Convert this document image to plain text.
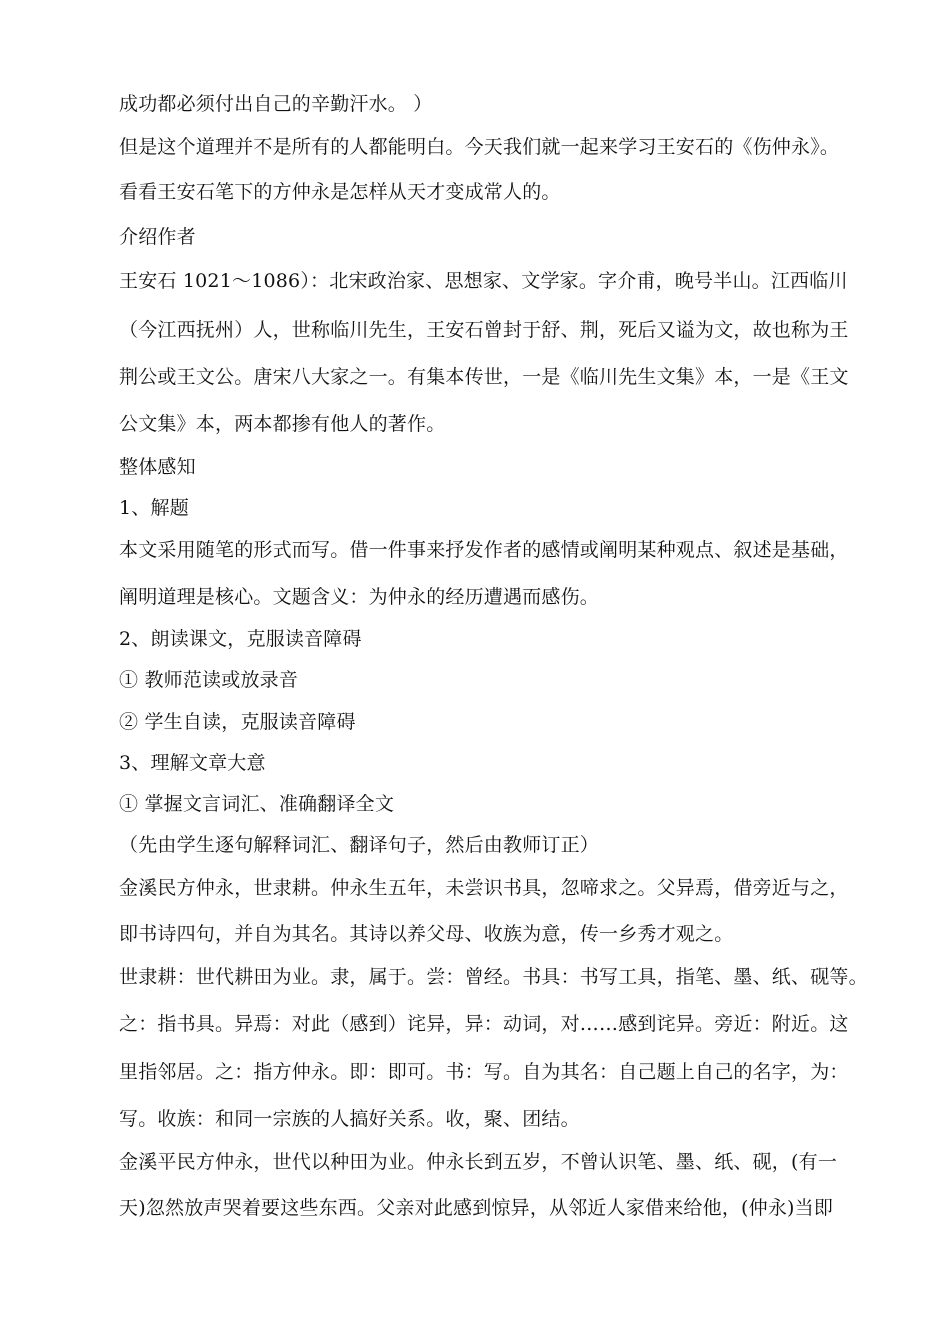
成功都必须付出自己的辛勤汗水。 ）
但是这个道理并不是所有的人都能明白。今天我们就一起来学习王安石的《伤仲永》。
看看王安石笔下的方仲永是怎样从天才变成常人的。
介绍作者
王安石 1021～1086）：北宋政治家、思想家、文学家。字介甫，晚号半山。江西临川
（今江西抚州）人，世称临川先生，王安石曾封于舒、荆，死后又谥为文，故也称为王
荆公或王文公。唐宋八大家之一。有集本传世，一是《临川先生文集》本，一是《王文
公文集》本，两本都掺有他人的著作。
整体感知
1、解题
本文采用随笔的形式而写。借一件事来抒发作者的感情或阐明某种观点、叙述是基础，
阐明道理是核心。文题含义：为仲永的经历遭遇而感伤。
2、朗读课文，克服读音障碍
① 教师范读或放录音
② 学生自读，克服读音障碍
3、理解文章大意
① 掌握文言词汇、准确翻译全文
（先由学生逐句解释词汇、翻译句子，然后由教师订正）
金溪民方仲永，世隶耕。仲永生五年，未尝识书具，忽啼求之。父异焉，借旁近与之，
即书诗四句，并自为其名。其诗以养父母、收族为意，传一乡秀才观之。
世隶耕：世代耕田为业。隶，属于。尝：曾经。书具：书写工具，指笔、墨、纸、砚等。
之：指书具。异焉：对此（感到）诧异，异：动词，对……感到诧异。旁近：附近。这
里指邻居。之：指方仲永。即：即可。书：写。自为其名：自己题上自己的名字，为：
写。收族：和同一宗族的人搞好关系。收，聚、团结。
金溪平民方仲永，世代以种田为业。仲永长到五岁，不曾认识笔、墨、纸、砚，(有一
天)忽然放声哭着要这些东西。父亲对此感到惊异，从邻近人家借来给他，(仲永)当即
